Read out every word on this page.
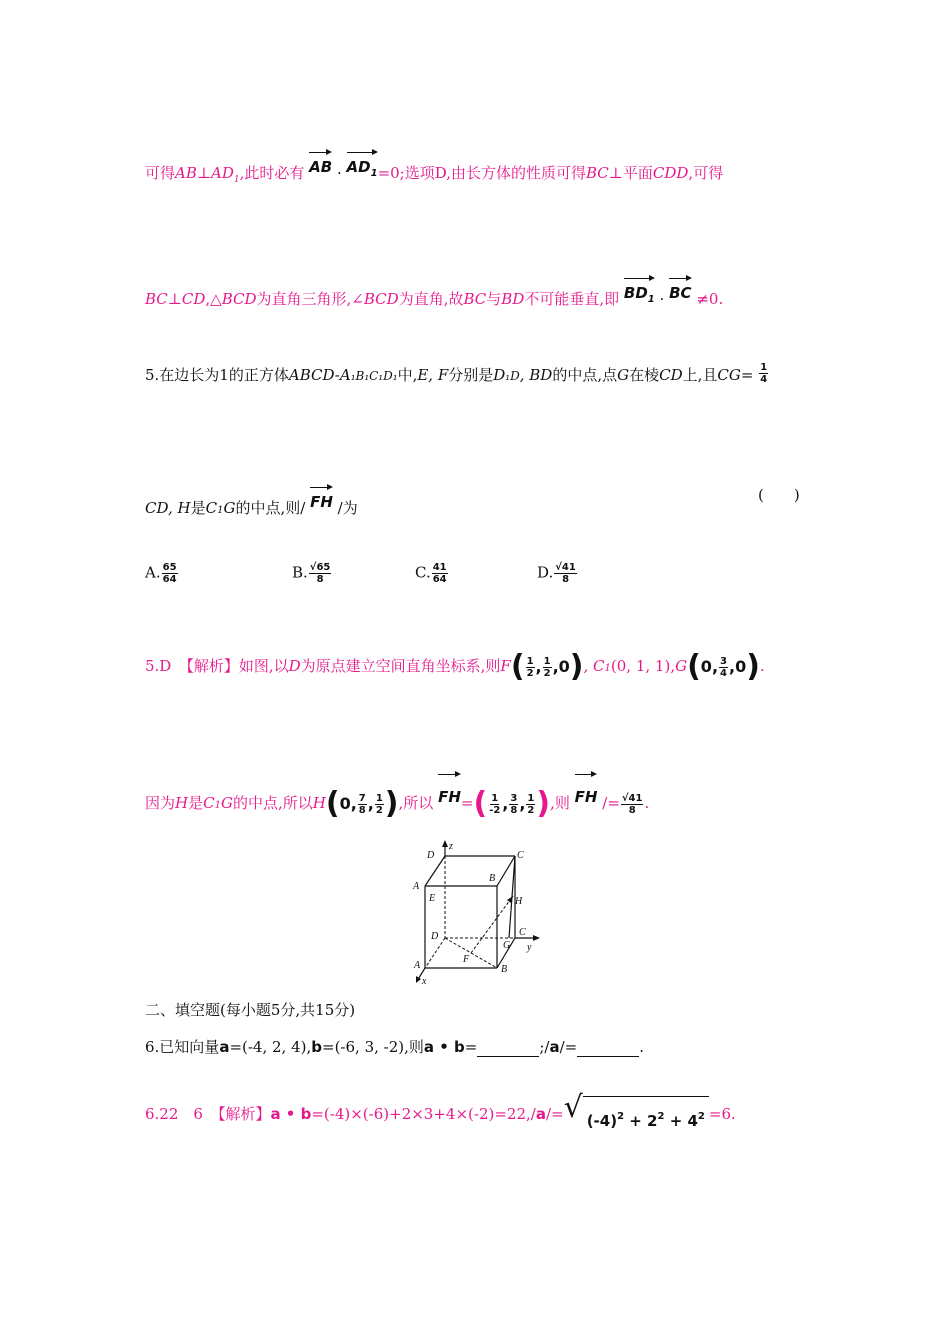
可得$AB\perp AD_1$,此时必有 AB · $AD_1=0$;选项D,由长方体的性质可得BC⊥平面CDD,可得
BC⊥CD,△BCD为直角三角形,∠BCD为直角,故BC与BD不可能垂直,即 $BD_1$ · BC ≠0.
5.在边长为1的正方体ABCD-A₁B₁C₁D₁中,E, F分别是D₁D, BD的中点,点G在棱CD上,且$CG= \frac{1}{4}$
CD, H是C1G的中点,则/ FH /为
(　　)
A. $\frac{65}{64}$	B. $\frac{√65}{8}$	C. $\frac{41}{64}$	D. $\frac{√41}{8}$
5.D　【解析】如图,以D为原点建立空间直角坐标系,则$F( \frac{1}{2}$ , $\frac{1}{2} ,0$), C1(0, 1, 1),G(0, $\frac{3}{4} ,0$).
因为H是C1G的中点,所以H(0, $\frac{7}{8}$ , $\frac{1}{2}$ ),所以 $FH=( \frac{1}{-2}$ , $\frac{3}{8}$ , $\frac{1}{2}$ ),则 FH /= $\frac{√41}{8}$ .
z
D	C
A
B
E	H
D	C
G y
A
F
B
x
二、填空题(每小题5分,共15分)
6.已知向量a=(-4, 2, 4),b=(-6, 3, -2),则a • b=	;/a/=	.
6.22　6　【解析】a • b=(-4)×(-6)+2×3+4×(-2)=22,/a/= √ $(-4)^2 + 2^2 + 4^2 =6$.
